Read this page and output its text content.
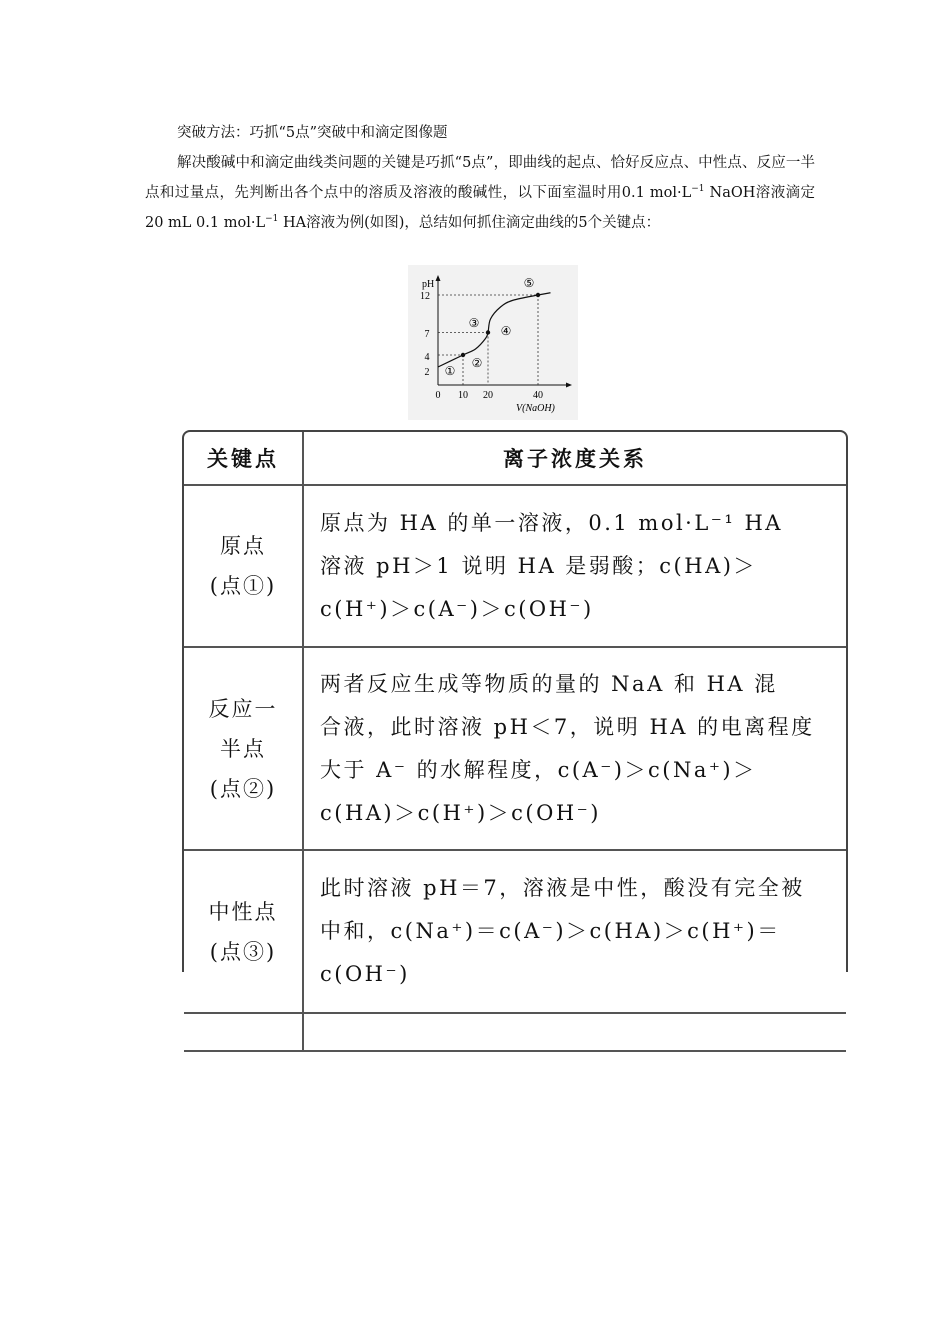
突破方法：巧抓“5点”突破中和滴定图像题

解决酸碱中和滴定曲线类问题的关键是巧抓“5点”，即曲线的起点、恰好反应点、中性点、反应一半点和过量点，先判断出各个点中的溶质及溶液的酸碱性，以下面室温时用0.1 $mol\cdot L^{-1}$ NaOH溶液滴定20 mL 0.1 $mol\cdot L^{-1}$ HA溶液为例(如图)，总结如何抓住滴定曲线的5个关键点：

pH
V(NaOH)
2
4
7
12
0 10 20	40
①
②
③
④
⑤
关键点	离子浓度关系

原点
(点①)	原点为 HA 的单一溶液，0.1 mol·L⁻¹ HA
溶液 pH＞1 说明 HA 是弱酸；c(HA)＞
c(H⁺)＞c(A⁻)＞c(OH⁻)

反应一
半点
(点②)	两者反应生成等物质的量的 NaA 和 HA 混
合液，此时溶液 pH＜7，说明 HA 的电离程度
大于 A⁻ 的水解程度，c(A⁻)＞c(Na⁺)＞
c(HA)＞c(H⁺)＞c(OH⁻)

中性点
(点③)	此时溶液 pH＝7，溶液是中性，酸没有完全被
中和，c(Na⁺)＝c(A⁻)＞c(HA)＞c(H⁺)＝
c(OH⁻)
